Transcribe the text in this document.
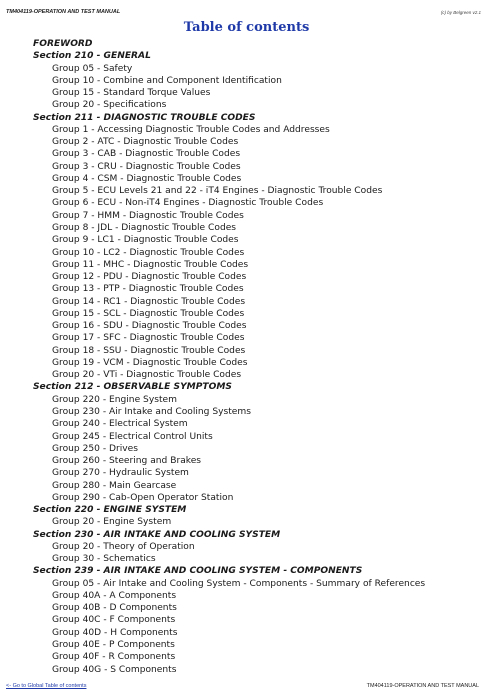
TM404119-OPERATION AND TEST MANUAL	(c) by Belgreen v2.1
Table of contents
FOREWORD
Section 210 - GENERAL
Group 05 - Safety
Group 10 - Combine and Component Identification
Group 15 - Standard Torque Values
Group 20 - Specifications
Section 211 - DIAGNOSTIC TROUBLE CODES
Group 1 - Accessing Diagnostic Trouble Codes and Addresses
Group 2 - ATC - Diagnostic Trouble Codes
Group 3 - CAB - Diagnostic Trouble Codes
Group 3 - CRU - Diagnostic Trouble Codes
Group 4 - CSM - Diagnostic Trouble Codes
Group 5 - ECU Levels 21 and 22 - iT4 Engines - Diagnostic Trouble Codes
Group 6 - ECU - Non-iT4 Engines - Diagnostic Trouble Codes
Group 7 - HMM - Diagnostic Trouble Codes
Group 8 - JDL - Diagnostic Trouble Codes
Group 9 - LC1 - Diagnostic Trouble Codes
Group 10 - LC2 - Diagnostic Trouble Codes
Group 11 - MHC - Diagnostic Trouble Codes
Group 12 - PDU - Diagnostic Trouble Codes
Group 13 - PTP - Diagnostic Trouble Codes
Group 14 - RC1 - Diagnostic Trouble Codes
Group 15 - SCL - Diagnostic Trouble Codes
Group 16 - SDU - Diagnostic Trouble Codes
Group 17 - SFC - Diagnostic Trouble Codes
Group 18 - SSU - Diagnostic Trouble Codes
Group 19 - VCM - Diagnostic Trouble Codes
Group 20 - VTi - Diagnostic Trouble Codes
Section 212 - OBSERVABLE SYMPTOMS
Group 220 - Engine System
Group 230 - Air Intake and Cooling Systems
Group 240 - Electrical System
Group 245 - Electrical Control Units
Group 250 - Drives
Group 260 - Steering and Brakes
Group 270 - Hydraulic System
Group 280 - Main Gearcase
Group 290 - Cab-Open Operator Station
Section 220 - ENGINE SYSTEM
Group 20 - Engine System
Section 230 - AIR INTAKE AND COOLING SYSTEM
Group 20 - Theory of Operation
Group 30 - Schematics
Section 239 - AIR INTAKE AND COOLING SYSTEM - COMPONENTS
Group 05 - Air Intake and Cooling System - Components - Summary of References
Group 40A - A Components
Group 40B - D Components
Group 40C - F Components
Group 40D - H Components
Group 40E - P Components
Group 40F - R Components
Group 40G - S Components
<- Go to Global Table of contents	TM404119-OPERATION AND TEST MANUAL
